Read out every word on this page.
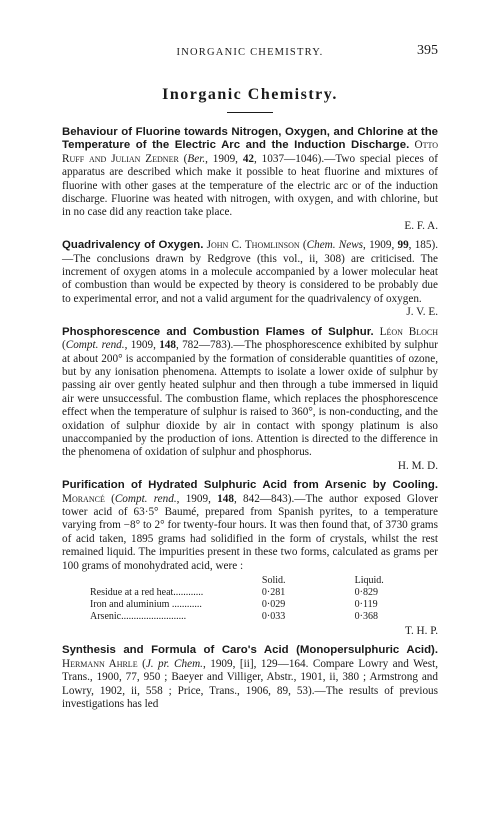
INORGANIC CHEMISTRY.	395
Inorganic Chemistry.

Behaviour of Fluorine towards Nitrogen, Oxygen, and Chlorine at the Temperature of the Electric Arc and the Induction Discharge. Otto Ruff and Julian Zedner (Ber., 1909, 42, 1037—1046).—Two special pieces of apparatus are described which make it possible to heat fluorine and mixtures of fluorine with other gases at the temperature of the electric arc or of the induction discharge. Fluorine was heated with nitrogen, with oxygen, and with chlorine, but in no case did any reaction take place.

E. F. A.

Quadrivalency of Oxygen. John C. Thomlinson (Chem. News, 1909, 99, 185).—The conclusions drawn by Redgrove (this vol., ii, 308) are criticised. The increment of oxygen atoms in a molecule accompanied by a lower molecular heat of combustion than would be expected by theory is considered to be probably due to experimental error, and not a valid argument for the quadrivalency of oxygen.

J. V. E.

Phosphorescence and Combustion Flames of Sulphur. Léon Bloch (Compt. rend., 1909, 148, 782—783).—The phosphorescence exhibited by sulphur at about 200° is accompanied by the formation of considerable quantities of ozone, but by any ionisation phenomena. Attempts to isolate a lower oxide of sulphur by passing air over gently heated sulphur and then through a tube immersed in liquid air were unsuccessful. The combustion flame, which replaces the phosphorescence effect when the temperature of sulphur is raised to 360°, is non-conducting, and the oxidation of sulphur dioxide by air in contact with spongy platinum is also unaccompanied by the production of ions. Attention is directed to the difference in the phenomena of oxidation of sulphur and phosphorus.

H. M. D.

Purification of Hydrated Sulphuric Acid from Arsenic by Cooling. Morancé (Compt. rend., 1909, 148, 842—843).—The author exposed Glover tower acid of 63·5° Baumé, prepared from Spanish pyrites, to a temperature varying from −8° to 2° for twenty-four hours. It was then found that, of 3730 grams of acid taken, 1895 grams had solidified in the form of crystals, whilst the rest remained liquid. The impurities present in these two forms, calculated as grams per 100 grams of monohydrated acid, were :

	Solid.	Liquid.
Residue at a red heat............	0·281	0·829
Iron and aluminium ............	0·029	0·119
Arsenic..........................	0·033	0·368

T. H. P.

Synthesis and Formula of Caro's Acid (Monopersulphuric Acid). Hermann Ahrle (J. pr. Chem., 1909, [ii], 129—164. Compare Lowry and West, Trans., 1900, 77, 950 ; Baeyer and Villiger, Abstr., 1901, ii, 380 ; Armstrong and Lowry, 1902, ii, 558 ; Price, Trans., 1906, 89, 53).—The results of previous investigations has led
